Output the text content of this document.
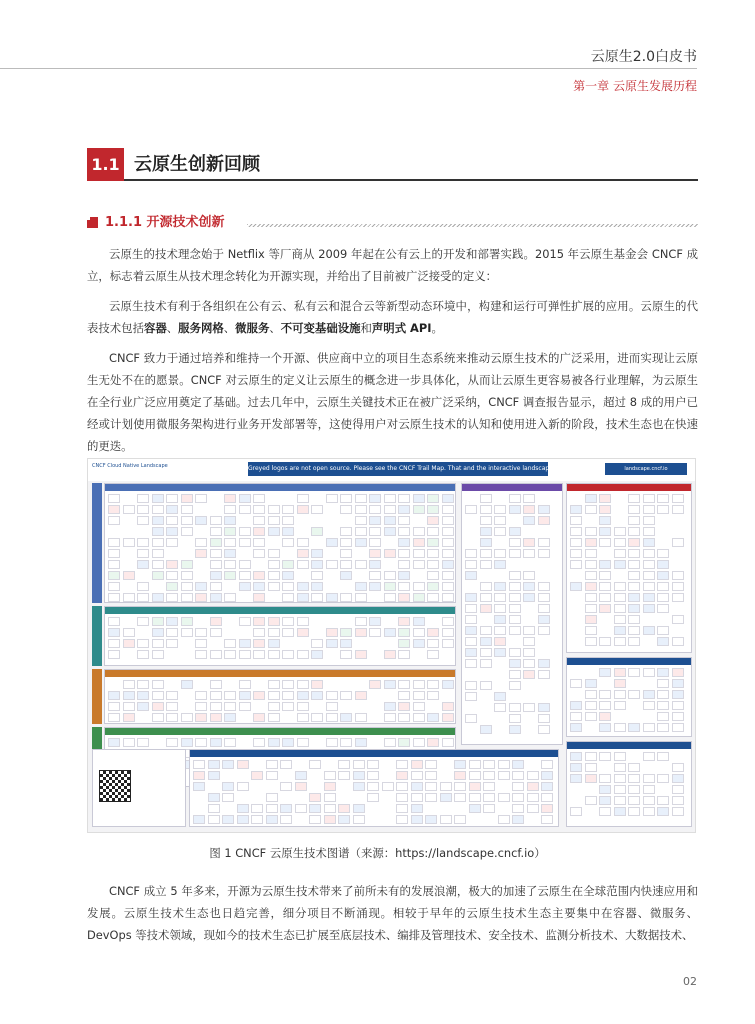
云原生2.0白皮书
第一章 云原生发展历程
1.1 云原生创新回顾
1.1.1 开源技术创新

云原生的技术理念始于 Netflix 等厂商从 2009 年起在公有云上的开发和部署实践。2015 年云原生基金会 CNCF 成立，标志着云原生从技术理念转化为开源实现，并给出了目前被广泛接受的定义：

云原生技术有利于各组织在公有云、私有云和混合云等新型动态环境中，构建和运行可弹性扩展的应用。云原生的代表技术包括容器、服务网格、微服务、不可变基础设施和声明式 API。

CNCF 致力于通过培养和维持一个开源、供应商中立的项目生态系统来推动云原生技术的广泛采用，进而实现让云原生无处不在的愿景。CNCF 对云原生的定义让云原生的概念进一步具体化，从而让云原生更容易被各行业理解，为云原生在全行业广泛应用奠定了基础。过去几年中，云原生关键技术正在被广泛采纳，CNCF 调查报告显示，超过 8 成的用户已经或计划使用微服务架构进行业务开发部署等，这使得用户对云原生技术的认知和使用进入新的阶段，技术生态也在快速的更迭。

CNCF Cloud Native Landscape	Greyed logos are not open source. Please see the CNCF Trail Map. That and the interactive landscape are at l.cncf.io	landscape.cncf.io
图 1 CNCF 云原生技术图谱（来源：https://landscape.cncf.io）

CNCF 成立 5 年多来，开源为云原生技术带来了前所未有的发展浪潮，极大的加速了云原生在全球范围内快速应用和发展。云原生技术生态也日趋完善，细分项目不断涌现。相较于早年的云原生技术生态主要集中在容器、微服务、DevOps 等技术领域，现如今的技术生态已扩展至底层技术、编排及管理技术、安全技术、监测分析技术、大数据技术、

02
